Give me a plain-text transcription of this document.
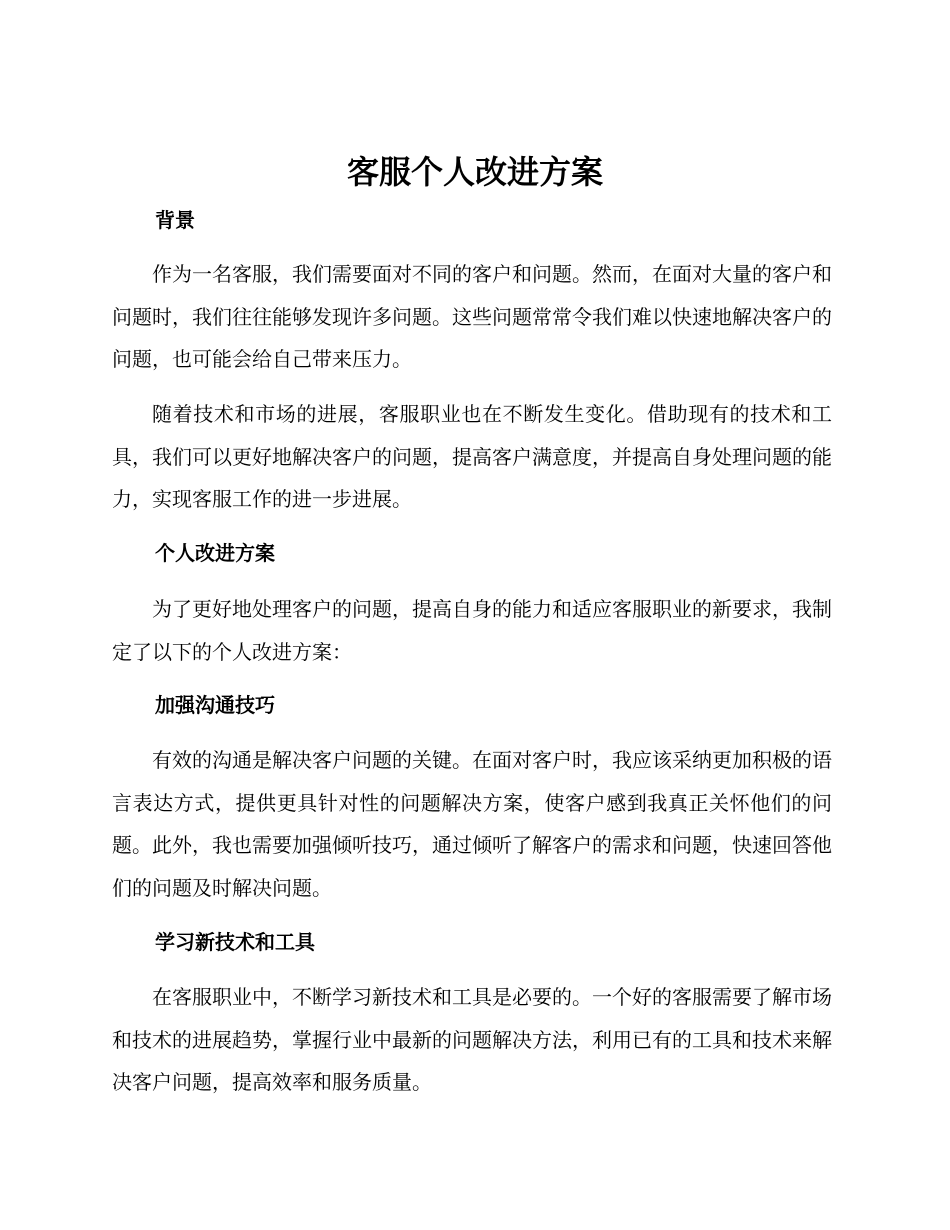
客服个人改进方案
背景

作为一名客服，我们需要面对不同的客户和问题。然而，在面对大量的客户和问题时，我们往往能够发现许多问题。这些问题常常令我们难以快速地解决客户的问题，也可能会给自己带来压力。

随着技术和市场的进展，客服职业也在不断发生变化。借助现有的技术和工具，我们可以更好地解决客户的问题，提高客户满意度，并提高自身处理问题的能力，实现客服工作的进一步进展。

个人改进方案

为了更好地处理客户的问题，提高自身的能力和适应客服职业的新要求，我制定了以下的个人改进方案：

加强沟通技巧

有效的沟通是解决客户问题的关键。在面对客户时，我应该采纳更加积极的语言表达方式，提供更具针对性的问题解决方案，使客户感到我真正关怀他们的问题。此外，我也需要加强倾听技巧，通过倾听了解客户的需求和问题，快速回答他们的问题及时解决问题。

学习新技术和工具

在客服职业中，不断学习新技术和工具是必要的。一个好的客服需要了解市场和技术的进展趋势，掌握行业中最新的问题解决方法，利用已有的工具和技术来解决客户问题，提高效率和服务质量。
